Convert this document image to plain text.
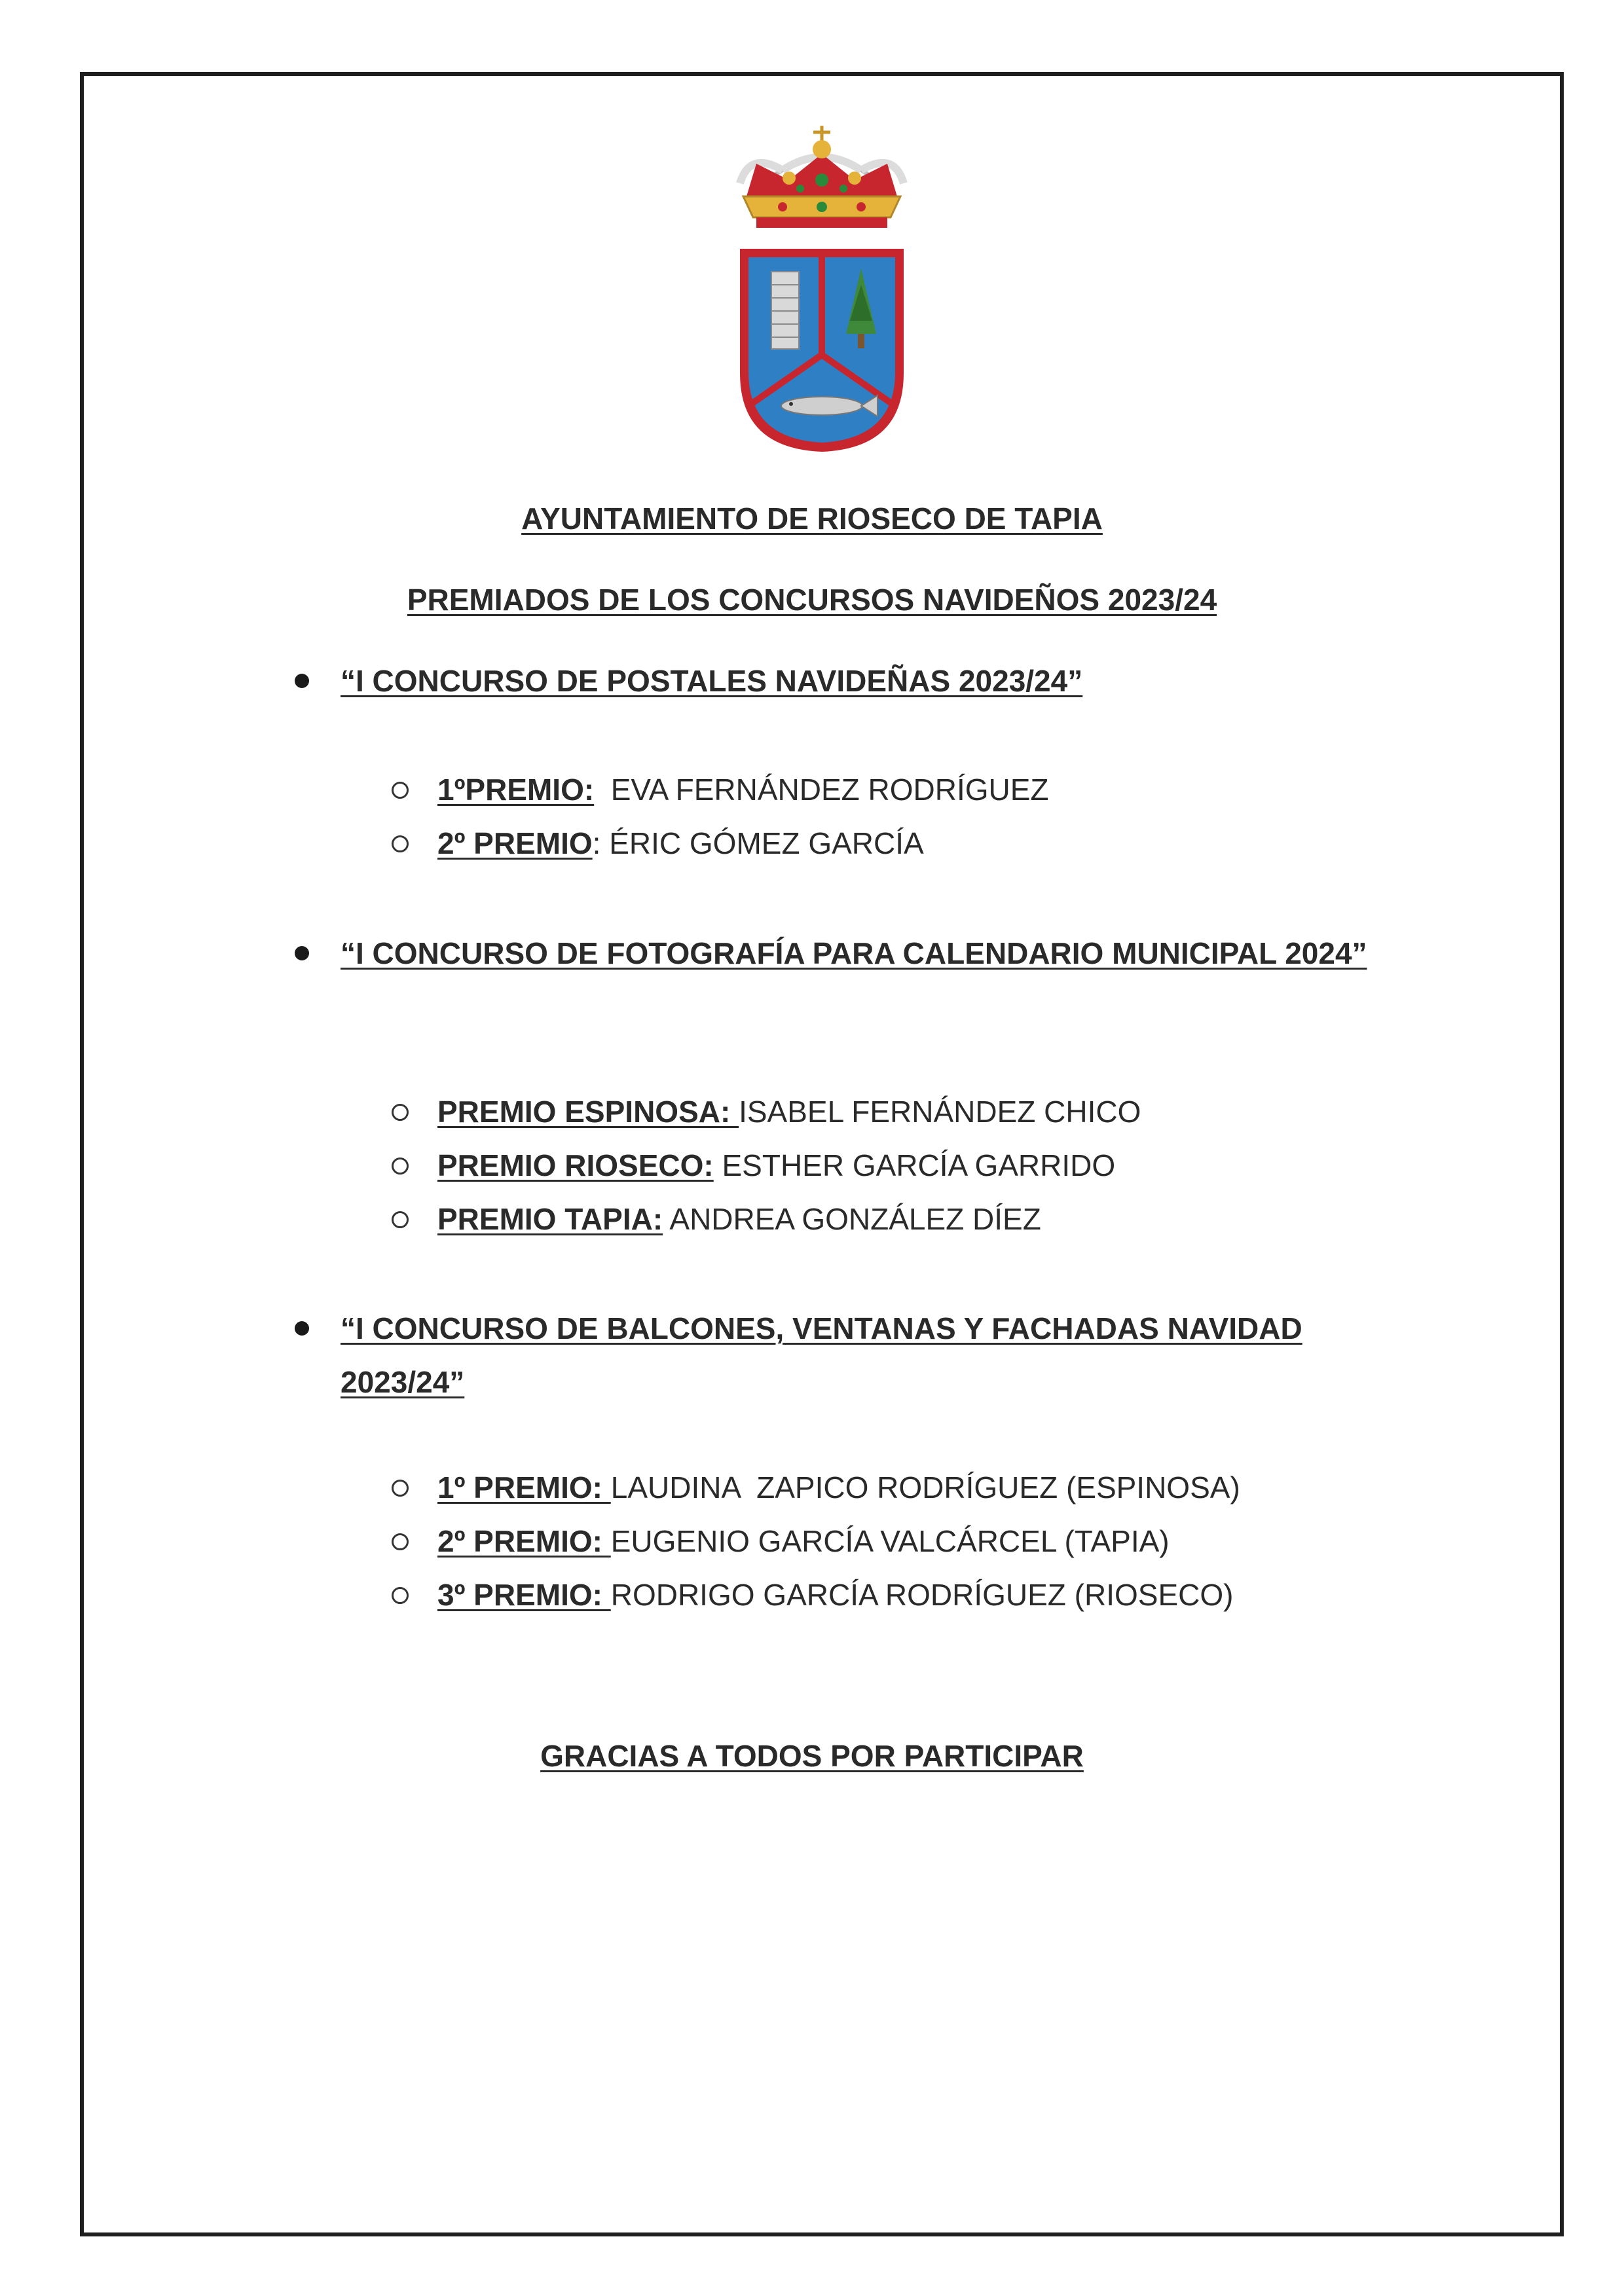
AYUNTAMIENTO DE RIOSECO DE TAPIA
PREMIADOS DE LOS CONCURSOS NAVIDEÑOS 2023/24
“I CONCURSO DE POSTALES NAVIDEÑAS 2023/24”
1ºPREMIO: EVA FERNÁNDEZ RODRÍGUEZ
2º PREMIO: ÉRIC GÓMEZ GARCÍA
“I CONCURSO DE FOTOGRAFÍA PARA CALENDARIO MUNICIPAL 2024”
PREMIO ESPINOSA: ISABEL FERNÁNDEZ CHICO
PREMIO RIOSECO: ESTHER GARCÍA GARRIDO
PREMIO TAPIA: ANDREA GONZÁLEZ DÍEZ
“I CONCURSO DE BALCONES, VENTANAS Y FACHADAS NAVIDAD 2023/24”
1º PREMIO: LAUDINA  ZAPICO RODRÍGUEZ (ESPINOSA)
2º PREMIO: EUGENIO GARCÍA VALCÁRCEL (TAPIA)
3º PREMIO: RODRIGO GARCÍA RODRÍGUEZ (RIOSECO)
GRACIAS A TODOS POR PARTICIPAR
